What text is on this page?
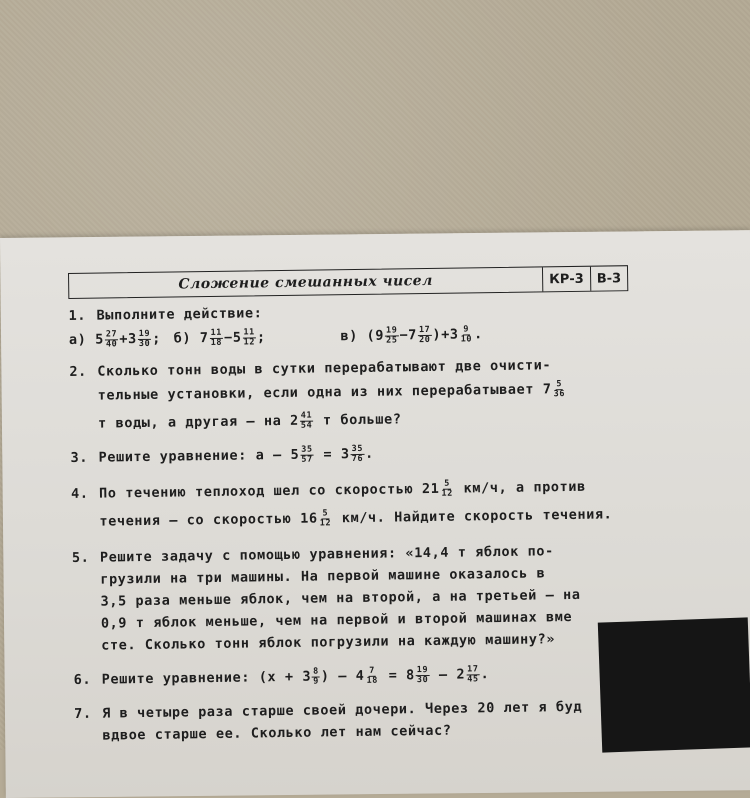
Сложение смешанных чисел	КР-3 В-3
1. Выполните действие:
а) $5 \frac{27}{40} +3 \frac{19}{30}$ ; б) $7 \frac{11}{18} -5 \frac{11}{12}$ ;	в) $(9 \frac{19}{25} -7 \frac{17}{20} )+3 \frac{9}{10}$ .
2. Сколько тонн воды в сутки перерабатывают две очисти-
тельные установки, если одна из них перерабатывает $7 \frac{5}{36}$
т воды, а другая – на $2 \frac{41}{54}$ т больше?
3. Решите уравнение: $a - 5 \frac{35}{57} = 3 \frac{35}{76}$ .
4. По течению теплоход шел со скоростью $21 \frac{5}{12} км/ч$, а против
течения – со скоростью $16 \frac{5}{12} км/ч$. Найдите скорость течения.
5. Решите задачу с помощью уравнения: «14,4 т яблок по-
грузили на три машины. На первой машине оказалось в
3,5 раза меньше яблок, чем на второй, а на третьей – на
0,9 т яблок меньше, чем на первой и второй машинах вме
сте. Сколько тонн яблок погрузили на каждую машину?»
6. Решите уравнение: ($x + 3 \frac{8}{9}$ ) – $4 \frac{7}{18} = 8 \frac{19}{30} - 2 \frac{17}{45}$ .
7. Я в четыре раза старше своей дочери. Через 20 лет я буд
вдвое старше ее. Сколько лет нам сейчас?
